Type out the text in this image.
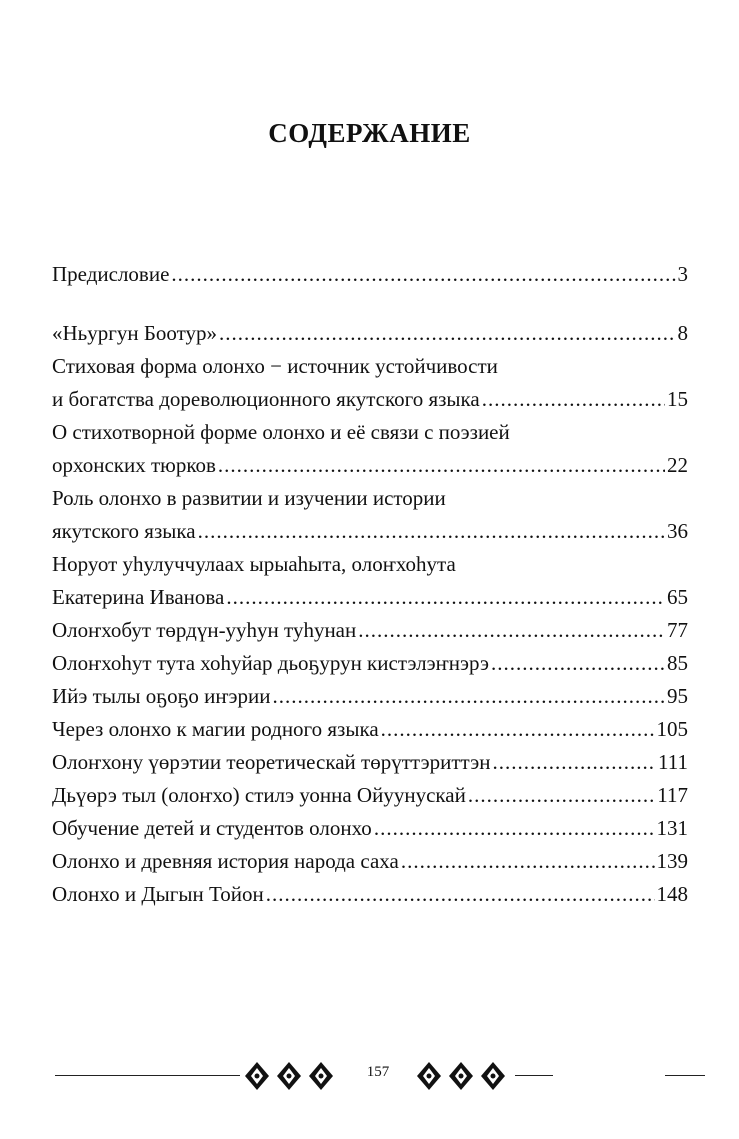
СОДЕРЖАНИЕ
Предисловие .....	3
«Ньургун Боотур» .....	8
Стиховая форма олонхо − источник устойчивости
и богатства дореволюционного якутского языка .....	15
О стихотворной форме олонхо и её связи с поэзией
орхонских тюрков .....	22
Роль олонхо в развитии и изучении истории
якутского языка .....	36
Норуот уhулуччулаах ырыаhыта, олоҥхоhута
Екатерина Иванова .....	65
Олоҥхобут төрдүн-ууhун туhунан .....	77
Олоҥхоhут тута хоhуйар дьоҕурун кистэлэҥнэрэ .....	85
Ийэ тылы оҕоҕо иҥэрии .....	95
Через олонхо к магии родного языка .....	105
Олоҥхону үөрэтии теоретическай төрүттэриттэн .....	111
Дьүөрэ тыл (олоҥхо) стилэ уонна Ойуунускай .....	117
Обучение детей и студентов олонхо .....	131
Олонхо и древняя история народа саха .....	139
Олонхо и Дыгын Тойон .....	148
157
